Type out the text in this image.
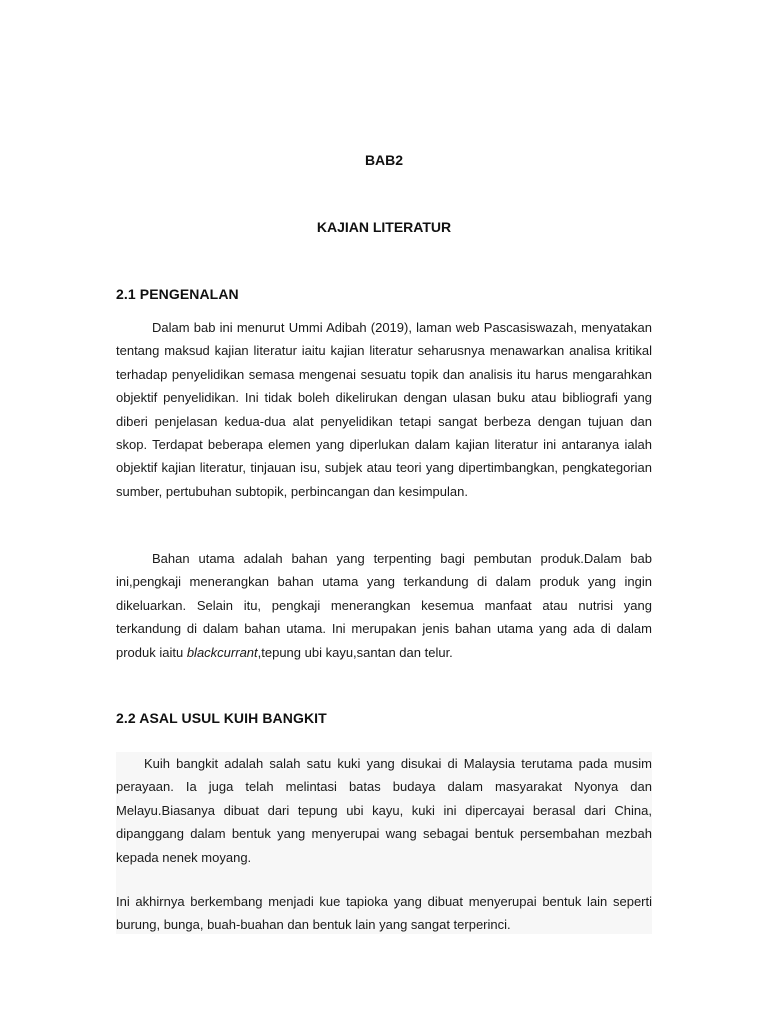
BAB2
KAJIAN LITERATUR
2.1 PENGENALAN

Dalam bab ini menurut Ummi Adibah (2019), laman web Pascasiswazah, menyatakan tentang maksud kajian literatur iaitu kajian literatur seharusnya menawarkan analisa kritikal terhadap penyelidikan semasa mengenai sesuatu topik dan analisis itu harus mengarahkan objektif penyelidikan. Ini tidak boleh dikelirukan dengan ulasan buku atau bibliografi yang diberi penjelasan kedua-dua alat penyelidikan tetapi sangat berbeza dengan tujuan dan skop. Terdapat beberapa elemen yang diperlukan dalam kajian literatur ini antaranya ialah objektif kajian literatur, tinjauan isu, subjek atau teori yang dipertimbangkan, pengkategorian sumber, pertubuhan subtopik, perbincangan dan kesimpulan.

Bahan utama adalah bahan yang terpenting bagi pembutan produk.Dalam bab ini,pengkaji menerangkan bahan utama yang terkandung di dalam produk yang ingin dikeluarkan. Selain itu, pengkaji menerangkan kesemua manfaat atau nutrisi yang terkandung di dalam bahan utama. Ini merupakan jenis bahan utama yang ada di dalam produk iaitu blackcurrant,tepung ubi kayu,santan dan telur.

2.2 ASAL USUL KUIH BANGKIT

Kuih bangkit adalah salah satu kuki yang disukai di Malaysia terutama pada musim perayaan. Ia juga telah melintasi batas budaya dalam masyarakat Nyonya dan Melayu.Biasanya dibuat dari tepung ubi kayu, kuki ini dipercayai berasal dari China, dipanggang dalam bentuk yang menyerupai wang sebagai bentuk persembahan mezbah kepada nenek moyang.

Ini akhirnya berkembang menjadi kue tapioka yang dibuat menyerupai bentuk lain seperti burung, bunga, buah-buahan dan bentuk lain yang sangat terperinci.
